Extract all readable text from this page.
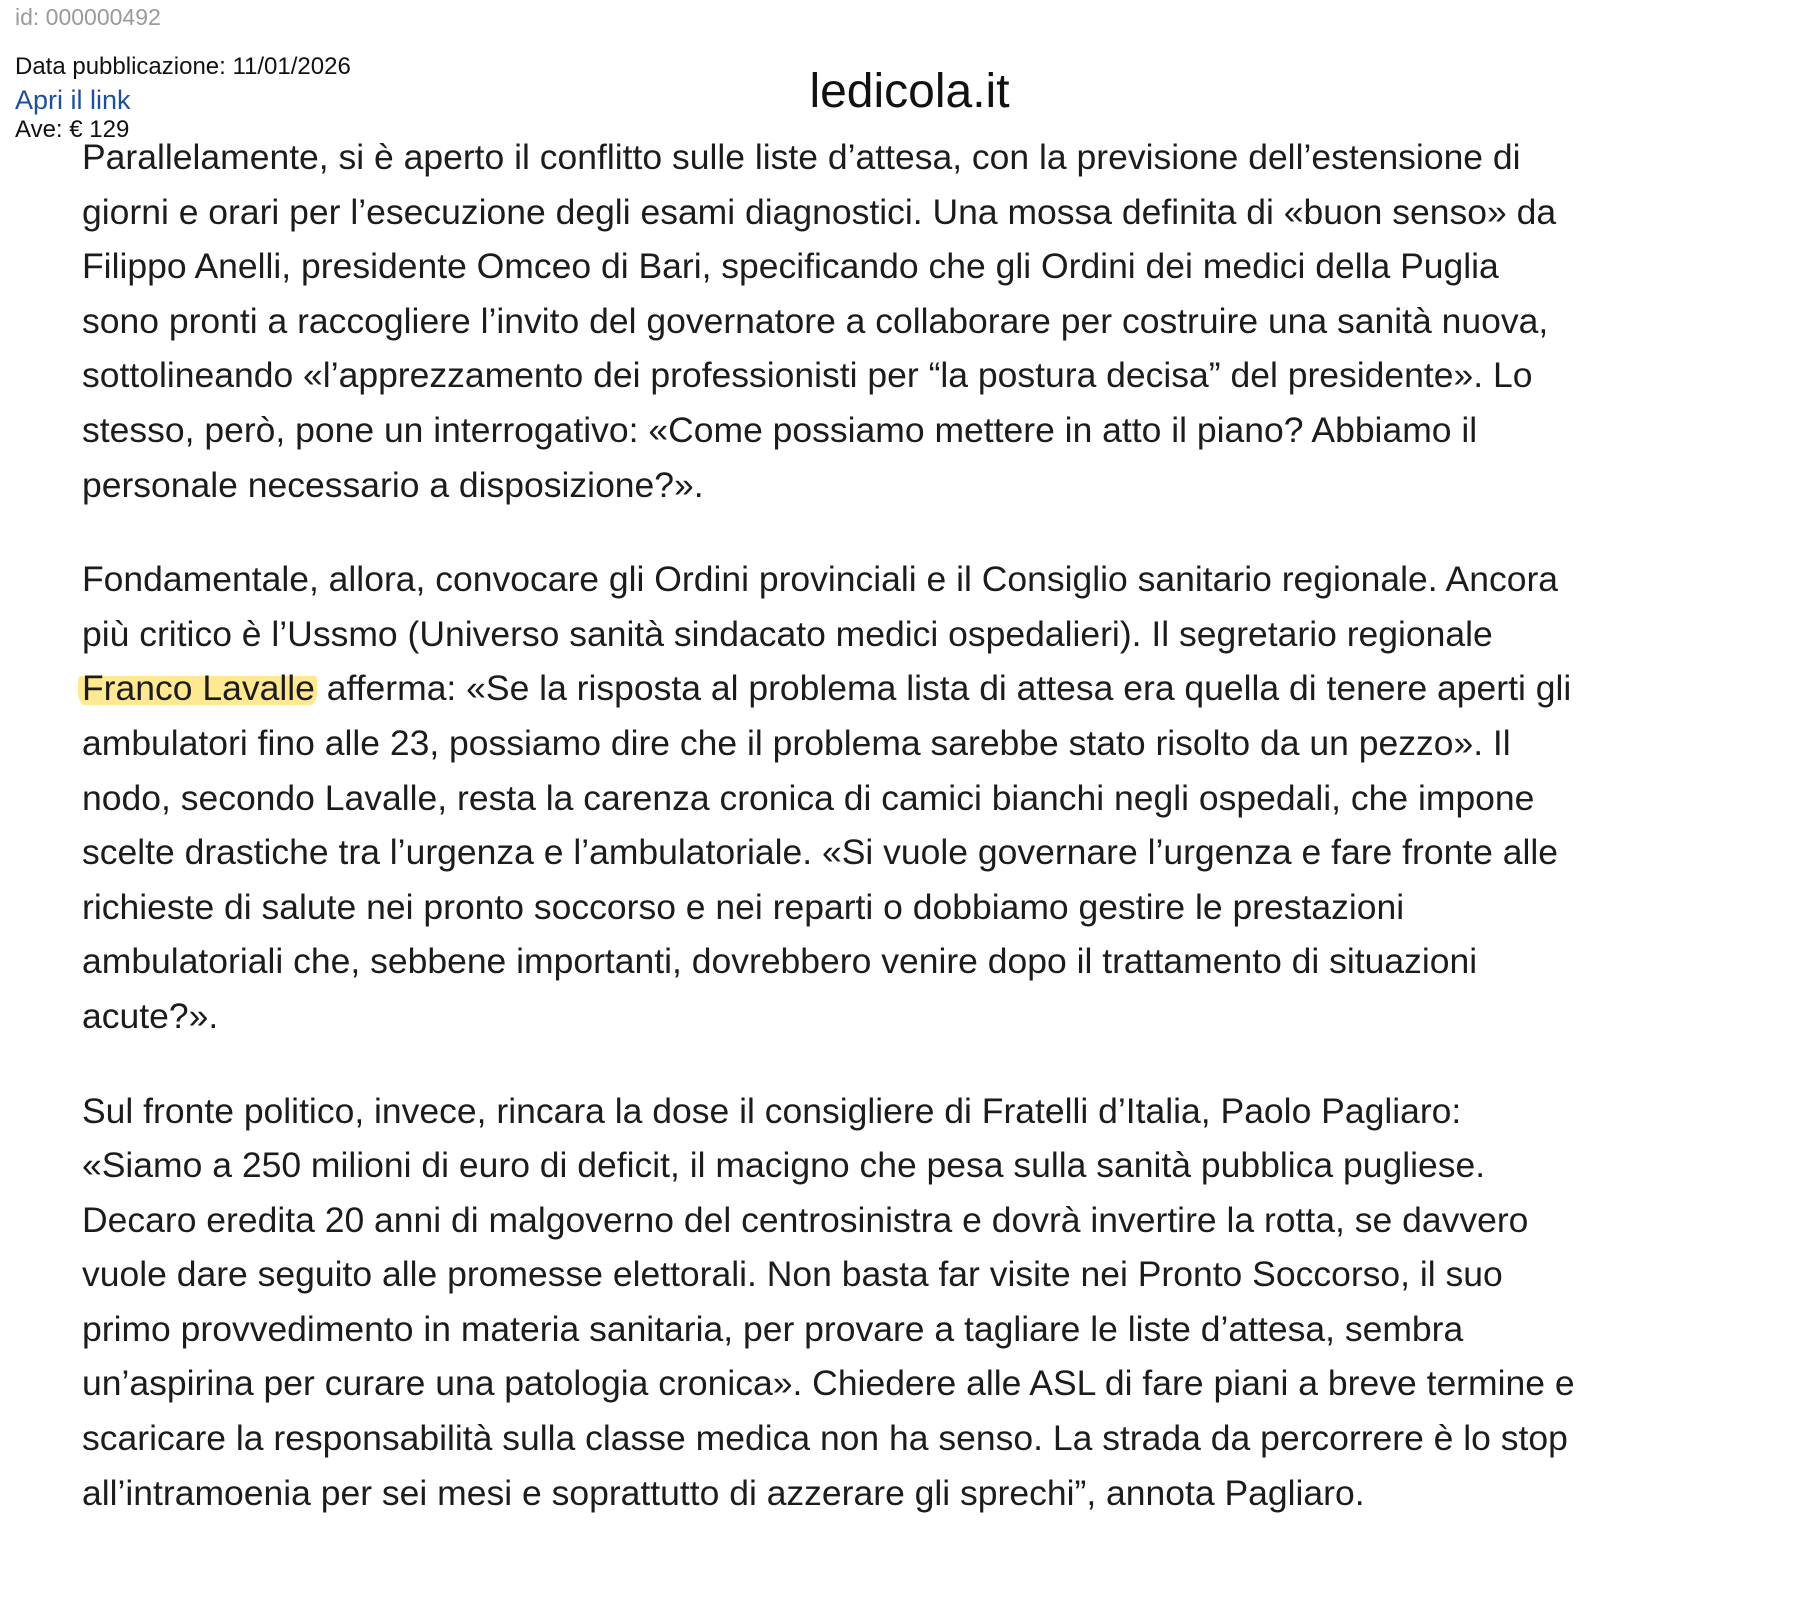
id: 000000492
Data pubblicazione: 11/01/2026
Apri il link
Ave: € 129
ledicola.it

Parallelamente, si è aperto il conflitto sulle liste d’attesa, con la previsione dell’estensione di
giorni e orari per l’esecuzione degli esami diagnostici. Una mossa definita di «buon senso» da
Filippo Anelli, presidente Omceo di Bari, specificando che gli Ordini dei medici della Puglia
sono pronti a raccogliere l’invito del governatore a collaborare per costruire una sanità nuova,
sottolineando «l’apprezzamento dei professionisti per “la postura decisa” del presidente». Lo
stesso, però, pone un interrogativo: «Come possiamo mettere in atto il piano? Abbiamo il
personale necessario a disposizione?».

Fondamentale, allora, convocare gli Ordini provinciali e il Consiglio sanitario regionale. Ancora
più critico è l’Ussmo (Universo sanità sindacato medici ospedalieri). Il segretario regionale
Franco Lavalle afferma: «Se la risposta al problema lista di attesa era quella di tenere aperti gli
ambulatori fino alle 23, possiamo dire che il problema sarebbe stato risolto da un pezzo». Il
nodo, secondo Lavalle, resta la carenza cronica di camici bianchi negli ospedali, che impone
scelte drastiche tra l’urgenza e l’ambulatoriale. «Si vuole governare l’urgenza e fare fronte alle
richieste di salute nei pronto soccorso e nei reparti o dobbiamo gestire le prestazioni
ambulatoriali che, sebbene importanti, dovrebbero venire dopo il trattamento di situazioni
acute?».

Sul fronte politico, invece, rincara la dose il consigliere di Fratelli d’Italia, Paolo Pagliaro:
«Siamo a 250 milioni di euro di deficit, il macigno che pesa sulla sanità pubblica pugliese.
Decaro eredita 20 anni di malgoverno del centrosinistra e dovrà invertire la rotta, se davvero
vuole dare seguito alle promesse elettorali. Non basta far visite nei Pronto Soccorso, il suo
primo provvedimento in materia sanitaria, per provare a tagliare le liste d’attesa, sembra
un’aspirina per curare una patologia cronica». Chiedere alle ASL di fare piani a breve termine e
scaricare la responsabilità sulla classe medica non ha senso. La strada da percorrere è lo stop
all’intramoenia per sei mesi e soprattutto di azzerare gli sprechi”, annota Pagliaro.
